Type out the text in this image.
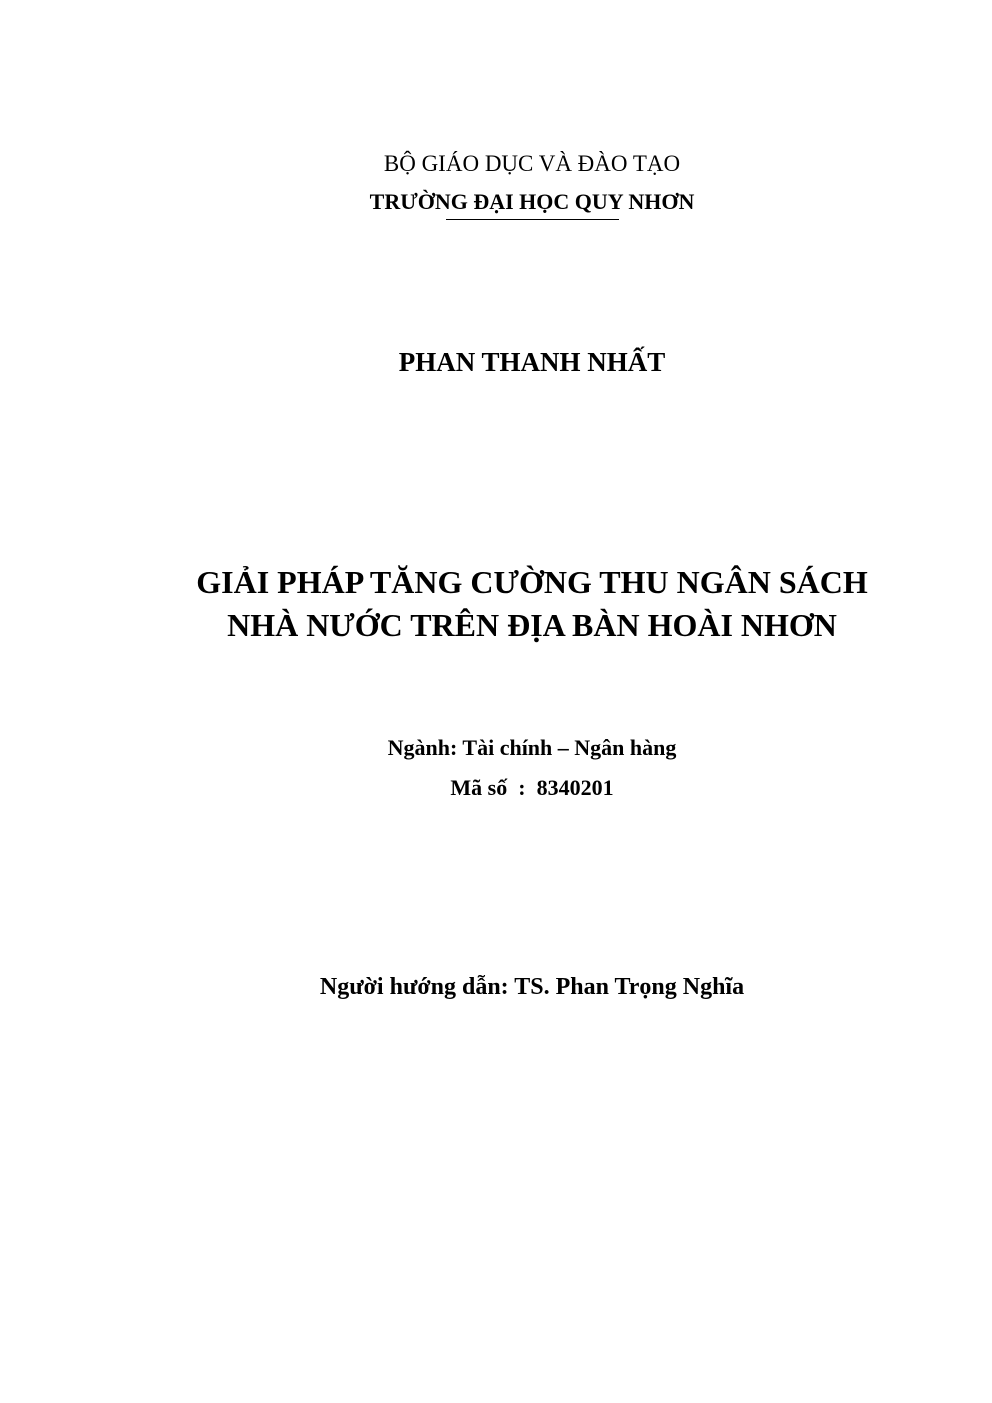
BỘ GIÁO DỤC VÀ ĐÀO TẠO
TRƯỜNG ĐẠI HỌC QUY NHƠN
PHAN THANH NHẤT
GIẢI PHÁP TĂNG CƯỜNG THU NGÂN SÁCH
NHÀ NƯỚC TRÊN ĐỊA BÀN HOÀI NHƠN
Ngành: Tài chính – Ngân hàng
Mã số  :  8340201
Người hướng dẫn: TS. Phan Trọng Nghĩa
